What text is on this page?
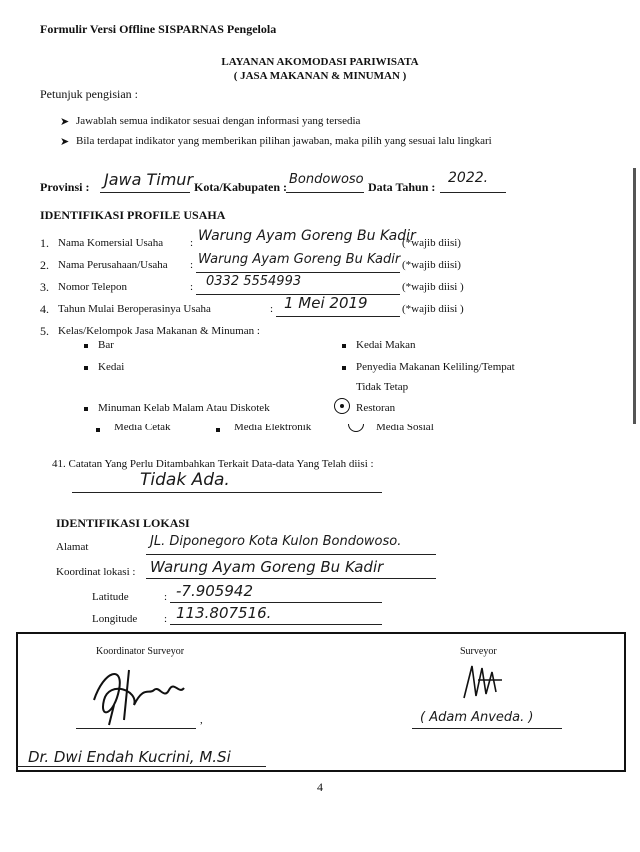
Formulir Versi Offline SISPARNAS Pengelola
LAYANAN AKOMODASI PARIWISATA
( JASA MAKANAN & MINUMAN )
Petunjuk pengisian :
➤ Jawablah semua indikator sesuai dengan informasi yang tersedia
➤ Bila terdapat indikator yang memberikan pilihan jawaban, maka pilih yang sesuai lalu lingkari
Provinsi : Jawa Timur Kota/Kabupaten : Bondowoso Data Tahun :
2022.
IDENTIFIKASI PROFILE USAHA
1. Nama Komersial Usaha : Warung Ayam Goreng Bu Kadir
(*wajib diisi)
2. Nama Perusahaan/Usaha : Warung Ayam Goreng Bu Kadir (*wajib diisi)
3. Nomor Telepon	: 0332 5554993	(*wajib diisi )
4. Tahun Mulai Beroperasinya Usaha	: 1 Mei 2019	(*wajib diisi )
5. Kelas/Kelompok Jasa Makanan & Minuman :
Bar
Kedai
Kedai Makan
Penyedia Makanan Keliling/Tempat
Tidak Tetap
Minuman Kelab Malam Atau Diskotek	Restoran
Media Cetak	Media Elektronik	Media Sosial
41. Catatan Yang Perlu Ditambahkan Terkait Data-data Yang Telah diisi :
Tidak Ada.
IDENTIFIKASI LOKASI
Alamat	JL. Diponegoro Kota Kulon Bondowoso.
Koordinat lokasi : Warung Ayam Goreng Bu Kadir
Latitude	: -7.905942
Longitude : 113.807516.
Koordinator Surveyor
,
Dr. Dwi Endah Kucrini, M.Si
Surveyor
( Adam Anveda. )
4
